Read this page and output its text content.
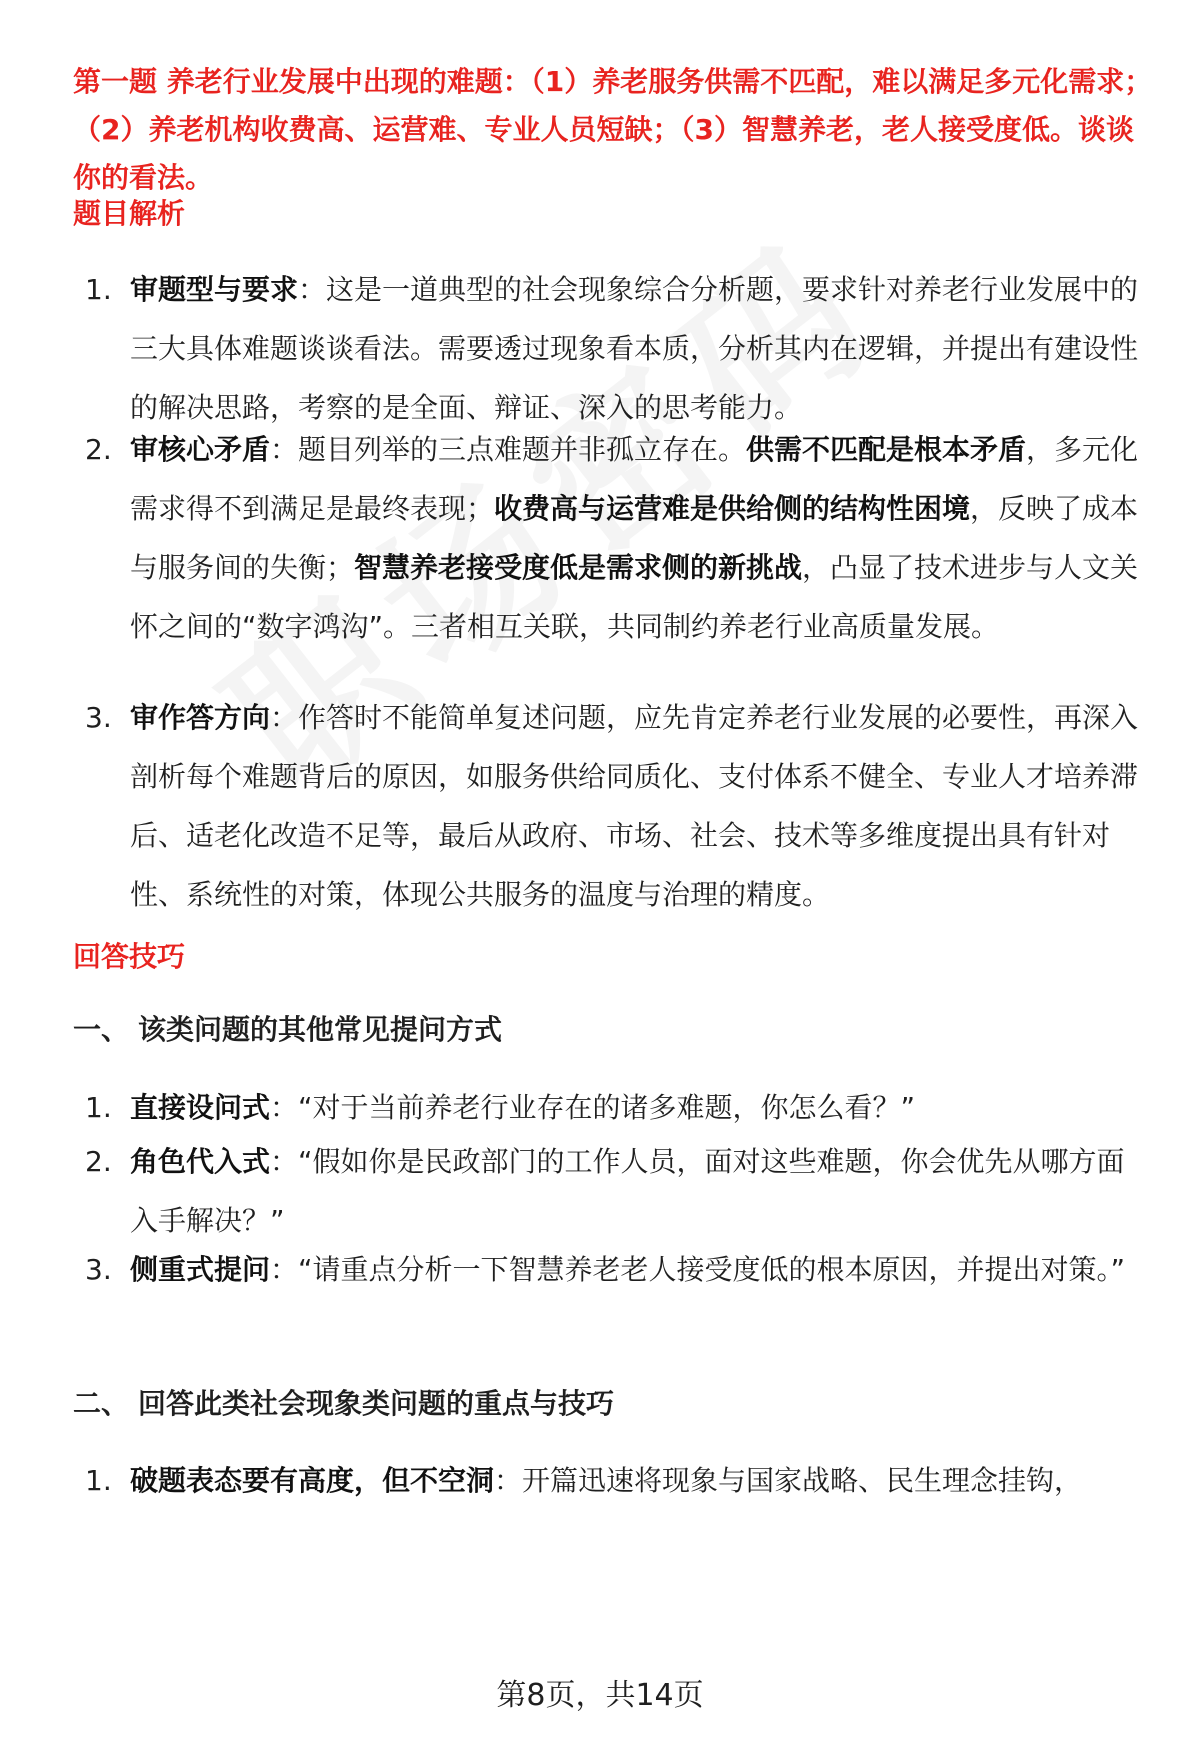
第一题 养老行业发展中出现的难题：（1）养老服务供需不匹配，难以满足多元化需求；（2）养老机构收费高、运营难、专业人员短缺；（3）智慧养老，老人接受度低。谈谈你的看法。
题目解析
1. 审题型与要求：这是一道典型的社会现象综合分析题，要求针对养老行业发展中的三大具体难题谈谈看法。需要透过现象看本质，分析其内在逻辑，并提出有建设性的解决思路，考察的是全面、辩证、深入的思考能力。
2. 审核心矛盾：题目列举的三点难题并非孤立存在。供需不匹配是根本矛盾，多元化需求得不到满足是最终表现；收费高与运营难是供给侧的结构性困境，反映了成本与服务间的失衡；智慧养老接受度低是需求侧的新挑战，凸显了技术进步与人文关怀之间的“数字鸿沟”。三者相互关联，共同制约养老行业高质量发展。
3. 审作答方向：作答时不能简单复述问题，应先肯定养老行业发展的必要性，再深入剖析每个难题背后的原因，如服务供给同质化、支付体系不健全、专业人才培养滞后、适老化改造不足等，最后从政府、市场、社会、技术等多维度提出具有针对性、系统性的对策，体现公共服务的温度与治理的精度。
回答技巧
一、 该类问题的其他常见提问方式
1. 直接设问式：“对于当前养老行业存在的诸多难题，你怎么看？”
2. 角色代入式：“假如你是民政部门的工作人员，面对这些难题，你会优先从哪方面入手解决？”
3. 侧重式提问：“请重点分析一下智慧养老老人接受度低的根本原因，并提出对策。”
二、 回答此类社会现象类问题的重点与技巧
1. 破题表态要有高度，但不空洞：开篇迅速将现象与国家战略、民生理念挂钩，
第8页，共14页
